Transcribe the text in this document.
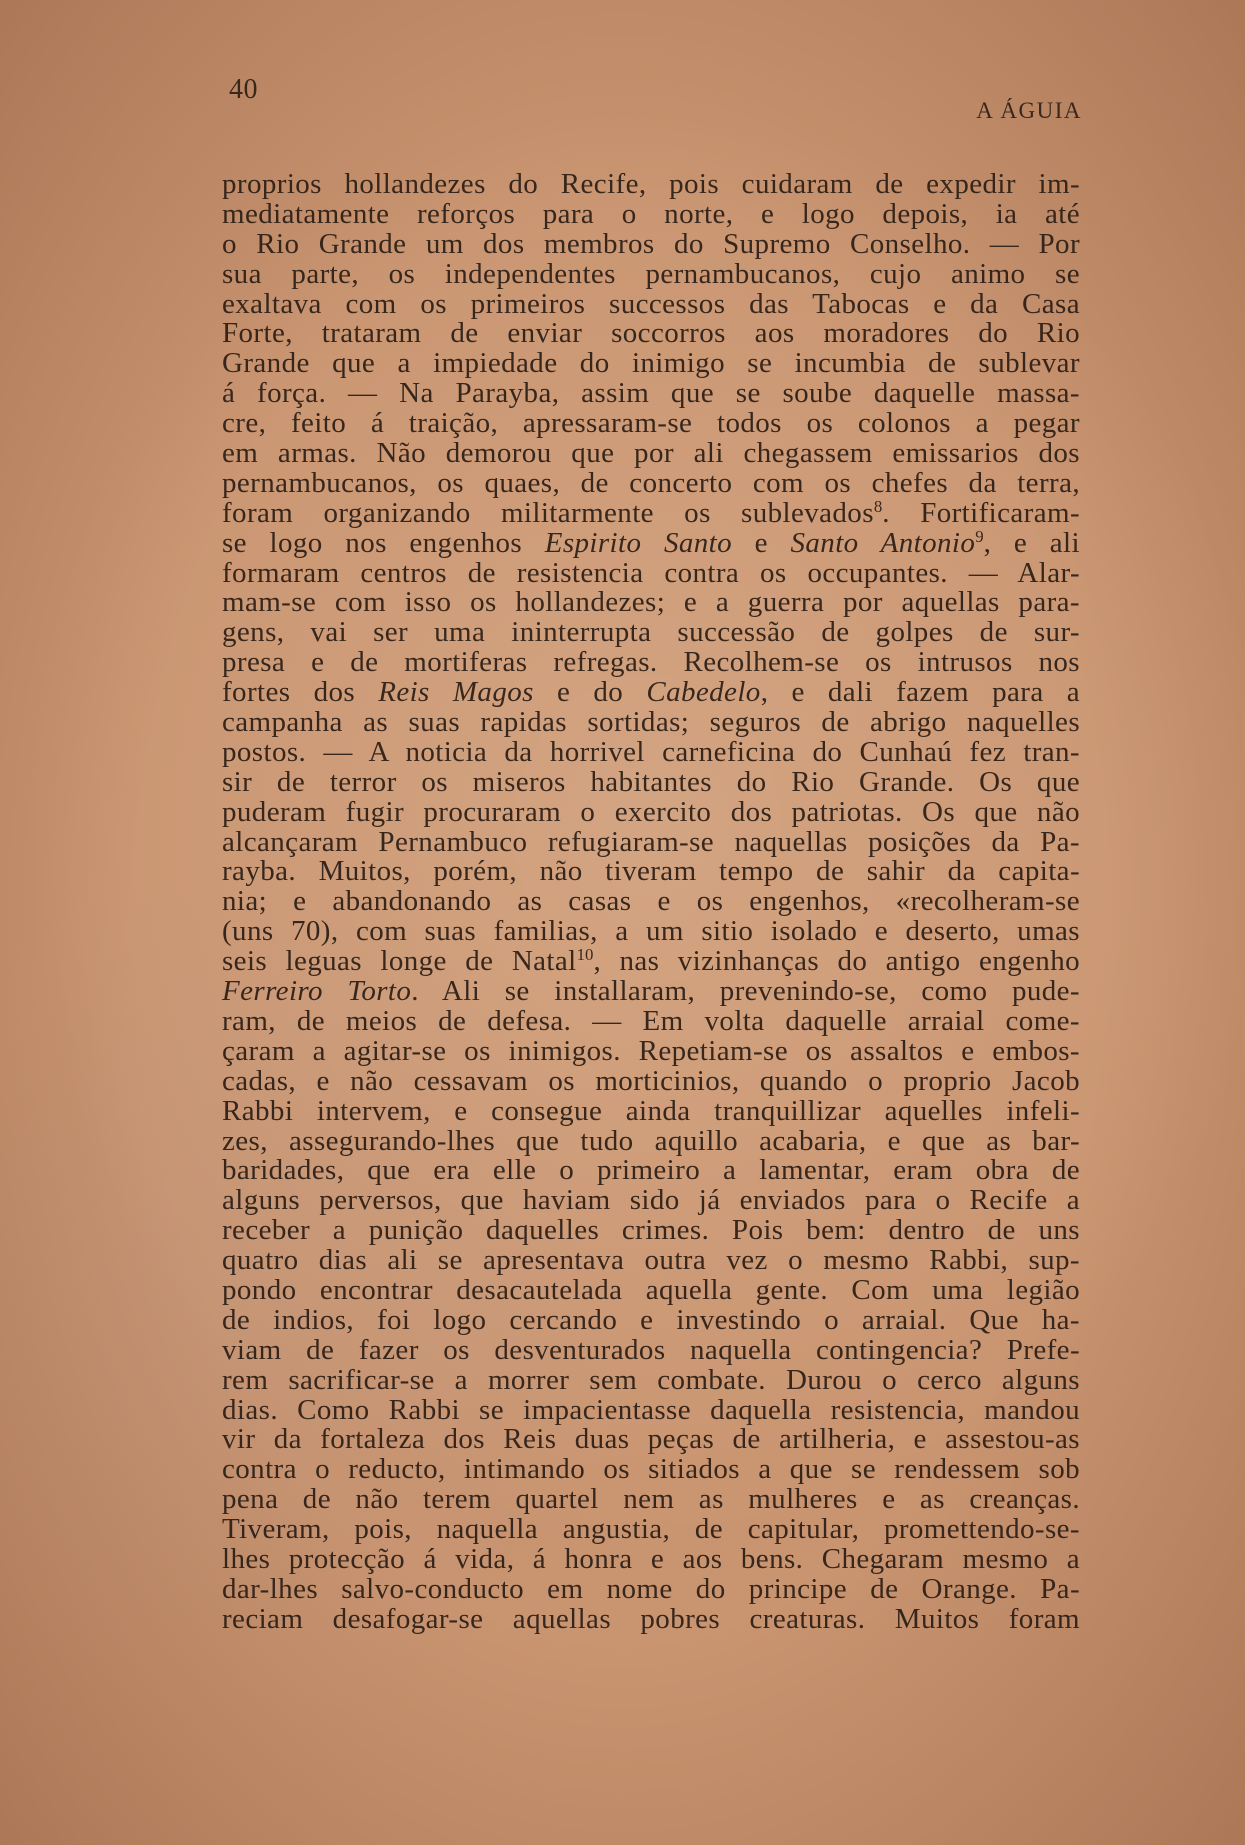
40
A ÁGUIA
proprios hollandezes do Recife, pois cuidaram de expedir im-
mediatamente reforços para o norte, e logo depois, ia até
o Rio Grande um dos membros do Supremo Conselho. — Por
sua parte, os independentes pernambucanos, cujo animo se
exaltava com os primeiros successos das Tabocas e da Casa
Forte, trataram de enviar soccorros aos moradores do Rio
Grande que a impiedade do inimigo se incumbia de sublevar
á força. — Na Parayba, assim que se soube daquelle massa-
cre, feito á traição, apressaram-se todos os colonos a pegar
em armas. Não demorou que por ali chegassem emissarios dos
pernambucanos, os quaes, de concerto com os chefes da terra,
foram organizando militarmente os sublevados$^8$. Fortificaram-
se logo nos engenhos Espirito Santo e Santo Antonio$^9$, e ali
formaram centros de resistencia contra os occupantes. — Alar-
mam-se com isso os hollandezes; e a guerra por aquellas para-
gens, vai ser uma ininterrupta successão de golpes de sur-
presa e de mortiferas refregas. Recolhem-se os intrusos nos
fortes dos Reis Magos e do Cabedelo, e dali fazem para a
campanha as suas rapidas sortidas; seguros de abrigo naquelles
postos. — A noticia da horrivel carneficina do Cunhaú fez tran-
sir de terror os miseros habitantes do Rio Grande. Os que
puderam fugir procuraram o exercito dos patriotas. Os que não
alcançaram Pernambuco refugiaram-se naquellas posições da Pa-
rayba. Muitos, porém, não tiveram tempo de sahir da capita-
nia; e abandonando as casas e os engenhos, «recolheram-se
(uns 70), com suas familias, a um sitio isolado e deserto, umas
seis leguas longe de Natal$^{10}$, nas vizinhanças do antigo engenho
Ferreiro Torto. Ali se installaram, prevenindo-se, como pude-
ram, de meios de defesa. — Em volta daquelle arraial come-
çaram a agitar-se os inimigos. Repetiam-se os assaltos e embos-
cadas, e não cessavam os morticinios, quando o proprio Jacob
Rabbi intervem, e consegue ainda tranquillizar aquelles infeli-
zes, assegurando-lhes que tudo aquillo acabaria, e que as bar-
baridades, que era elle o primeiro a lamentar, eram obra de
alguns perversos, que haviam sido já enviados para o Recife a
receber a punição daquelles crimes. Pois bem: dentro de uns
quatro dias ali se apresentava outra vez o mesmo Rabbi, sup-
pondo encontrar desacautelada aquella gente. Com uma legião
de indios, foi logo cercando e investindo o arraial. Que ha-
viam de fazer os desventurados naquella contingencia? Prefe-
rem sacrificar-se a morrer sem combate. Durou o cerco alguns
dias. Como Rabbi se impacientasse daquella resistencia, mandou
vir da fortaleza dos Reis duas peças de artilheria, e assestou-as
contra o reducto, intimando os sitiados a que se rendessem sob
pena de não terem quartel nem as mulheres e as creanças.
Tiveram, pois, naquella angustia, de capitular, promettendo-se-
lhes protecção á vida, á honra e aos bens. Chegaram mesmo a
dar-lhes salvo-conducto em nome do principe de Orange. Pa-
reciam desafogar-se aquellas pobres creaturas. Muitos foram
